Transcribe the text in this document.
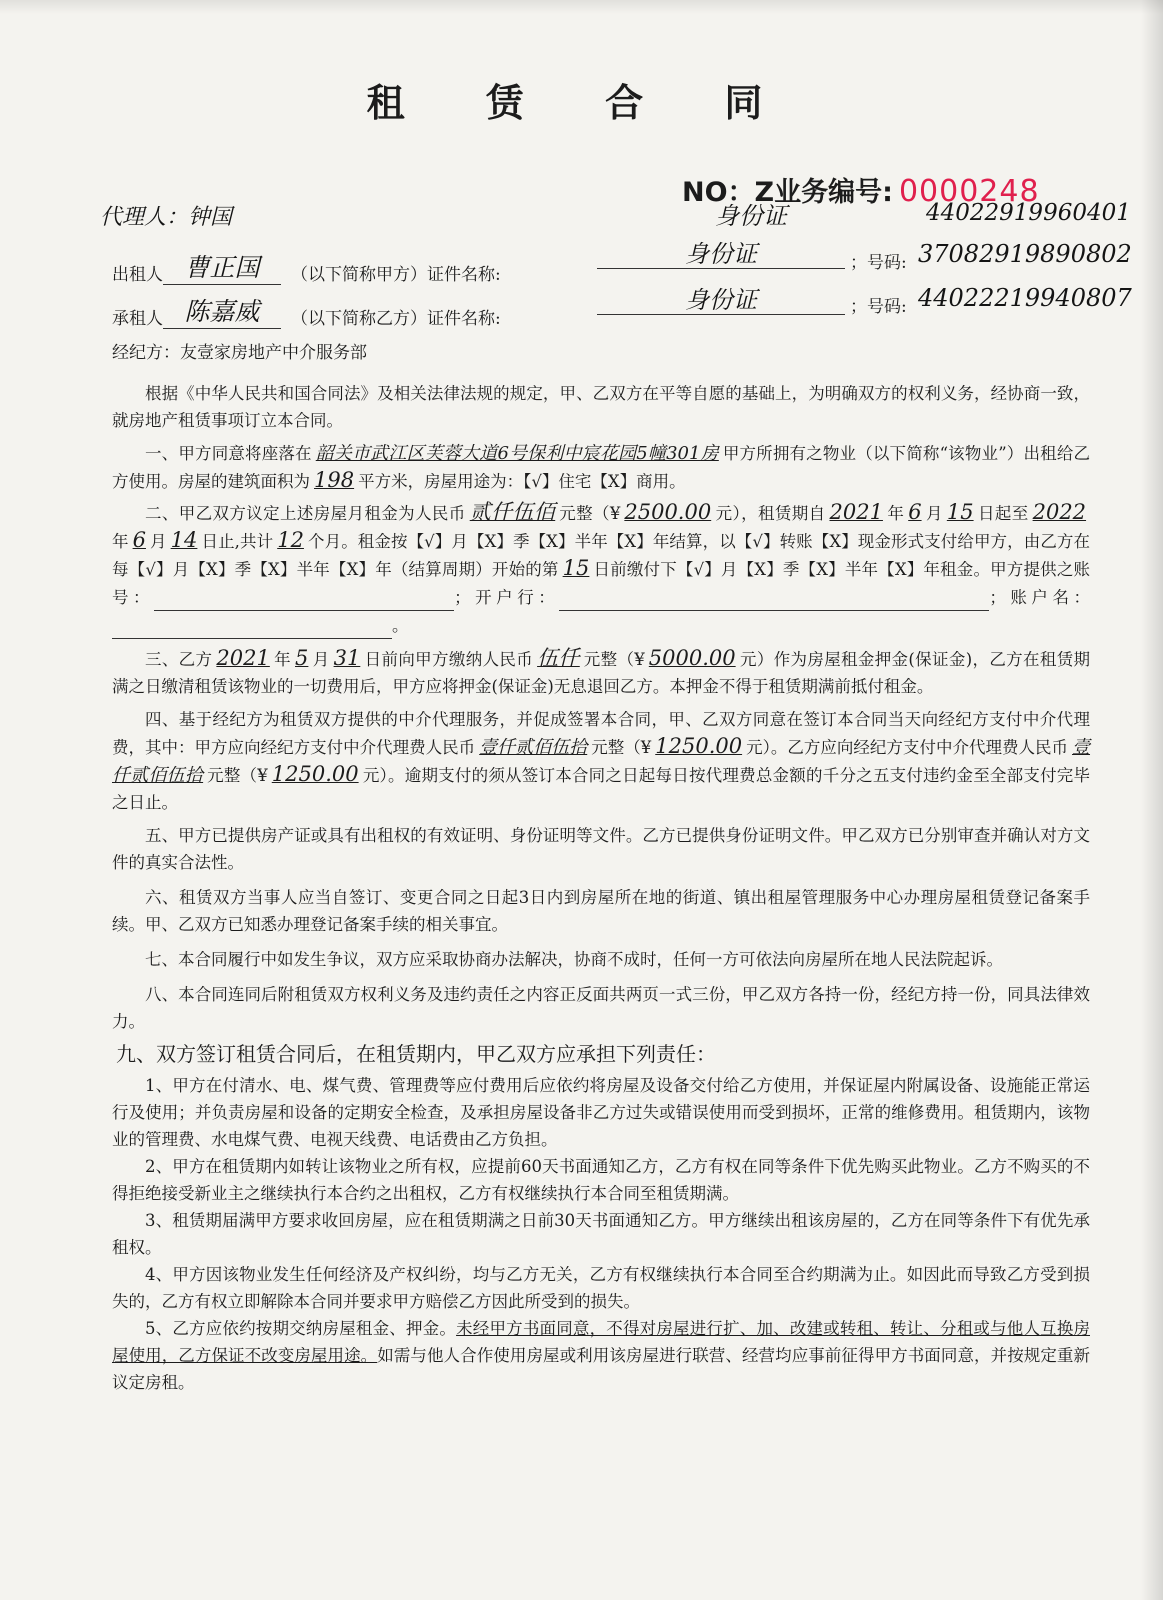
租 赁 合 同
NO：Z业务编号: 0000248
代理人：钟国	身份证	44022919960401
出租人 曹正国 （以下简称甲方）证件名称:
身份证	；号码: 37082919890802
承租人 陈嘉威 （以下简称乙方）证件名称:
身份证	；号码: 44022219940807
经纪方：友壹家房地产中介服务部

根据《中华人民共和国合同法》及相关法律法规的规定，甲、乙双方在平等自愿的基础上，为明确双方的权利义务，经协商一致，就房地产租赁事项订立本合同。

一、甲方同意将座落在 韶关市武江区芙蓉大道6号保利中宸花园5幢301房 甲方所拥有之物业（以下简称“该物业”）出租给乙方使用。房屋的建筑面积为 198 平方米，房屋用途为：【√】住宅【X】商用。

二、甲乙双方议定上述房屋月租金为人民币 贰仟伍佰 元整（¥ 2500.00 元），租赁期自 2021 年 6 月 15 日起至 2022年 6 月 14 日止,共计 12 个月。租金按【√】月【X】季【X】半年【X】年结算，以【√】转账【X】现金形式支付给甲方，由乙方在每【√】月【X】季【X】半年【X】年（结算周期）开始的第 15 日前缴付下【√】月【X】季【X】半年【X】年租金。甲方提供之账号：	；开户行：	；账户名： 。

三、乙方 2021 年 5 月 31 日前向甲方缴纳人民币 伍仟 元整（¥ 5000.00 元）作为房屋租金押金(保证金)，乙方在租赁期满之日缴清租赁该物业的一切费用后，甲方应将押金(保证金)无息退回乙方。本押金不得于租赁期满前抵付租金。

四、基于经纪方为租赁双方提供的中介代理服务，并促成签署本合同，甲、乙双方同意在签订本合同当天向经纪方支付中介代理费，其中：甲方应向经纪方支付中介代理费人民币 壹仟贰佰伍拾 元整（¥ 1250.00 元）。乙方应向经纪方支付中介代理费人民币 壹仟贰佰伍拾 元整（¥ 1250.00 元）。逾期支付的须从签订本合同之日起每日按代理费总金额的千分之五支付违约金至全部支付完毕之日止。

五、甲方已提供房产证或具有出租权的有效证明、身份证明等文件。乙方已提供身份证明文件。甲乙双方已分别审查并确认对方文件的真实合法性。

六、租赁双方当事人应当自签订、变更合同之日起3日内到房屋所在地的街道、镇出租屋管理服务中心办理房屋租赁登记备案手续。甲、乙双方已知悉办理登记备案手续的相关事宜。

七、本合同履行中如发生争议，双方应采取协商办法解决，协商不成时，任何一方可依法向房屋所在地人民法院起诉。

八、本合同连同后附租赁双方权利义务及违约责任之内容正反面共两页一式三份，甲乙双方各持一份，经纪方持一份，同具法律效力。

九、双方签订租赁合同后，在租赁期内，甲乙双方应承担下列责任：

1、甲方在付清水、电、煤气费、管理费等应付费用后应依约将房屋及设备交付给乙方使用，并保证屋内附属设备、设施能正常运行及使用；并负责房屋和设备的定期安全检查，及承担房屋设备非乙方过失或错误使用而受到损坏，正常的维修费用。租赁期内，该物业的管理费、水电煤气费、电视天线费、电话费由乙方负担。

2、甲方在租赁期内如转让该物业之所有权，应提前60天书面通知乙方，乙方有权在同等条件下优先购买此物业。乙方不购买的不得拒绝接受新业主之继续执行本合约之出租权，乙方有权继续执行本合同至租赁期满。

3、租赁期届满甲方要求收回房屋，应在租赁期满之日前30天书面通知乙方。甲方继续出租该房屋的，乙方在同等条件下有优先承租权。

4、甲方因该物业发生任何经济及产权纠纷，均与乙方无关，乙方有权继续执行本合同至合约期满为止。如因此而导致乙方受到损失的，乙方有权立即解除本合同并要求甲方赔偿乙方因此所受到的损失。

5、乙方应依约按期交纳房屋租金、押金。未经甲方书面同意，不得对房屋进行扩、加、改建或转租、转让、分租或与他人互换房屋使用，乙方保证不改变房屋用途。如需与他人合作使用房屋或利用该房屋进行联营、经营均应事前征得甲方书面同意，并按规定重新议定房租。
